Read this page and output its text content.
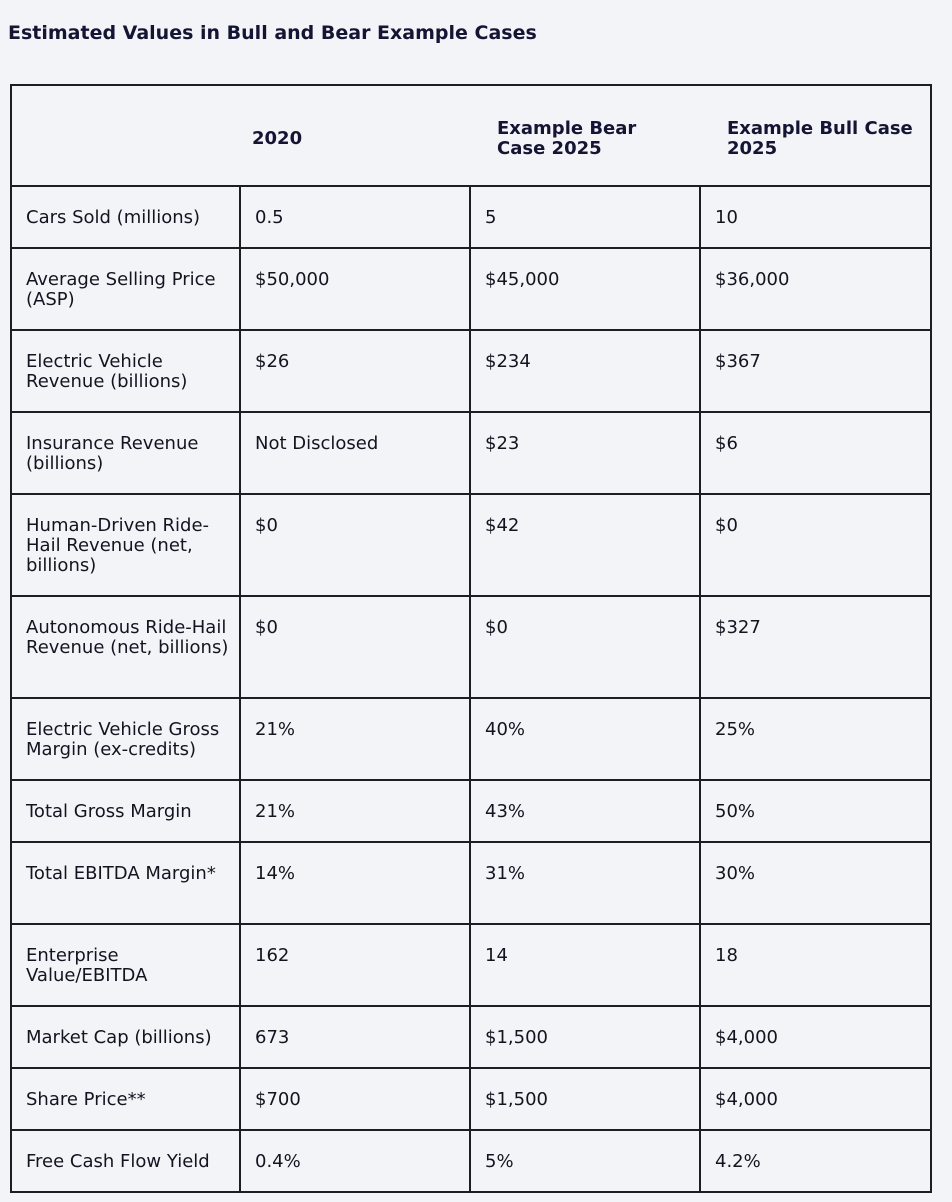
Estimated Values in Bull and Bear Example Cases
	2020	Example Bear Case 2025	Example Bull Case 2025
Cars Sold (millions)	0.5	5	10
Average Selling Price (ASP)	$50,000	$45,000	$36,000
Electric Vehicle Revenue (billions)	$26	$234	$367
Insurance Revenue (billions)	Not Disclosed	$23	$6
Human-Driven Ride-Hail Revenue (net, billions)	$0	$42	$0
Autonomous Ride-Hail Revenue (net, billions)	$0	$0	$327
Electric Vehicle Gross Margin (ex-credits)	21%	40%	25%
Total Gross Margin	21%	43%	50%
Total EBITDA Margin*	14%	31%	30%
Enterprise Value/EBITDA	162	14	18
Market Cap (billions)	673	$1,500	$4,000
Share Price**	$700	$1,500	$4,000
Free Cash Flow Yield	0.4%	5%	4.2%
